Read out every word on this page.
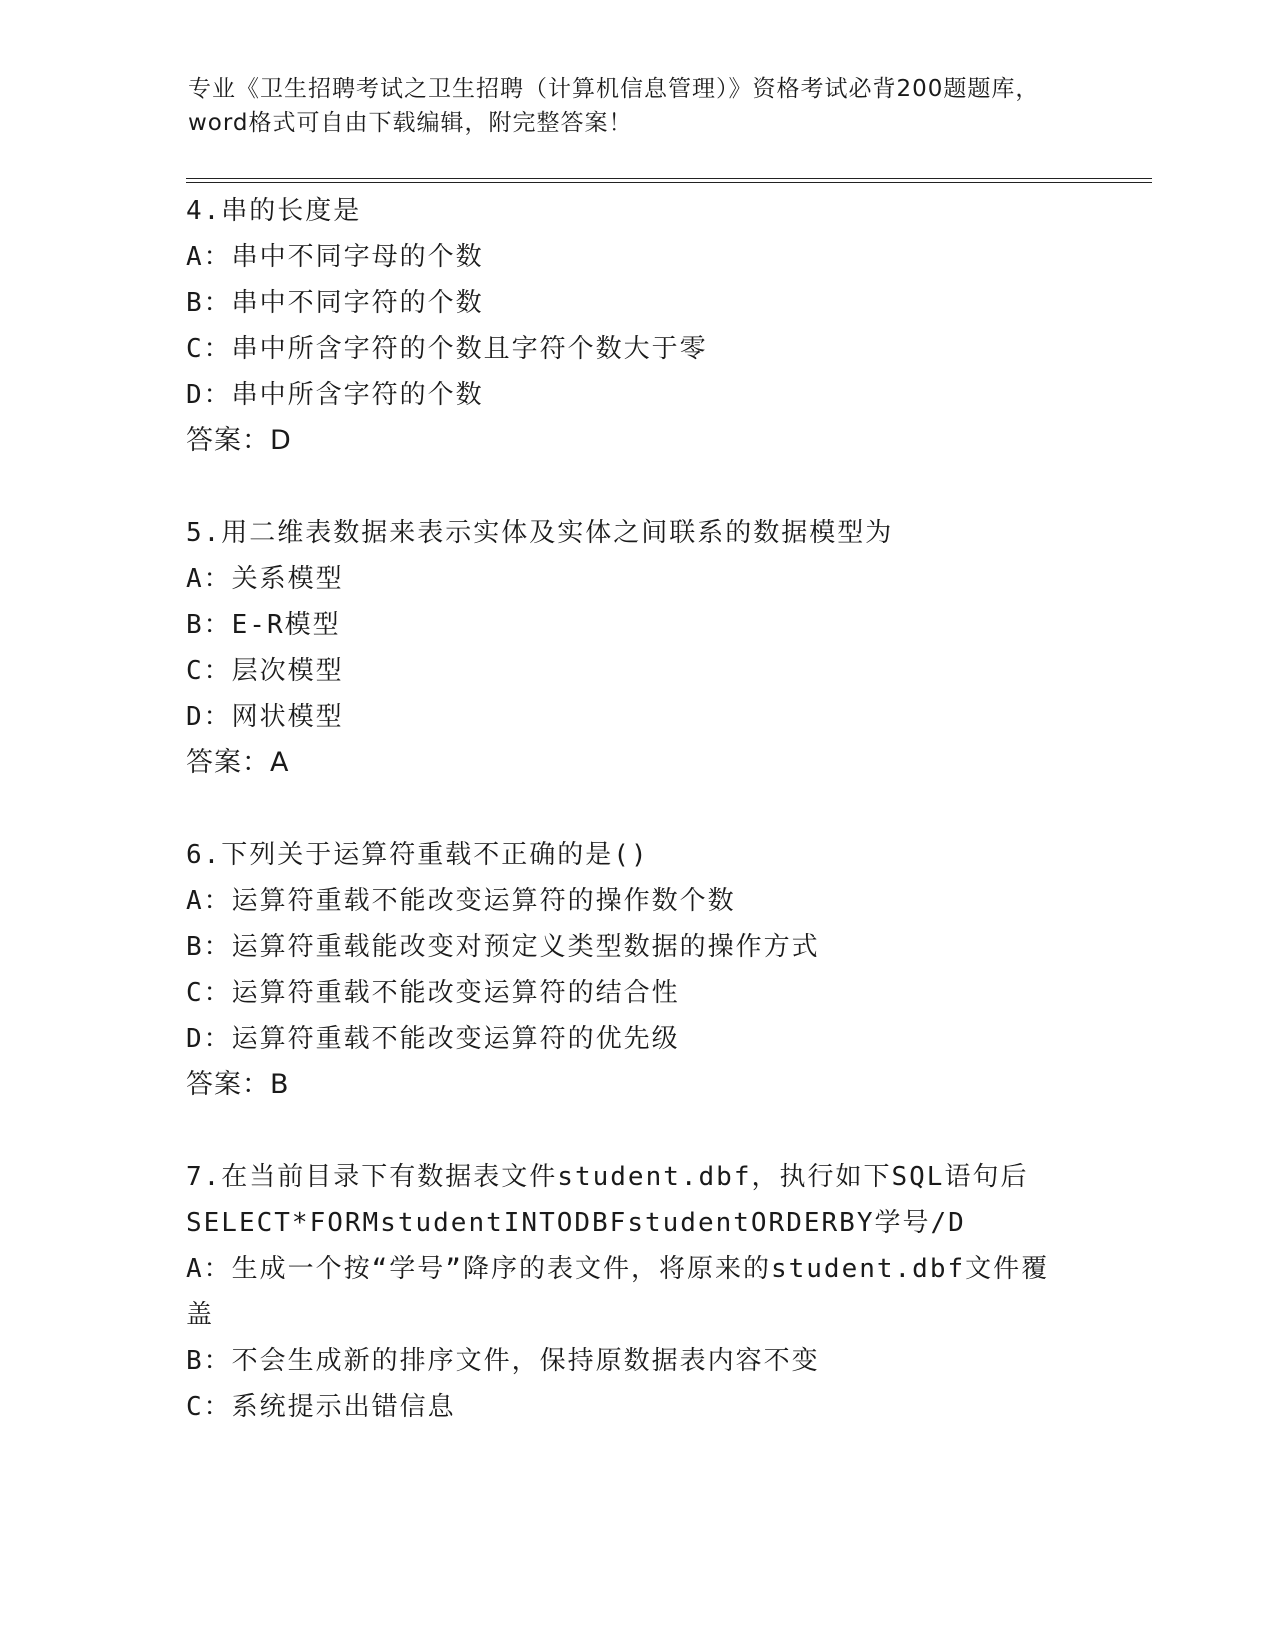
专业《卫生招聘考试之卫生招聘（计算机信息管理）》资格考试必背200题题库，
word格式可自由下载编辑，附完整答案！
4.串的长度是
A：串中不同字母的个数
B：串中不同字符的个数
C：串中所含字符的个数且字符个数大于零
D：串中所含字符的个数
答案：D
5.用二维表数据来表示实体及实体之间联系的数据模型为
A：关系模型
B：E-R模型
C：层次模型
D：网状模型
答案：A
6.下列关于运算符重载不正确的是()
A：运算符重载不能改变运算符的操作数个数
B：运算符重载能改变对预定义类型数据的操作方式
C：运算符重载不能改变运算符的结合性
D：运算符重载不能改变运算符的优先级
答案：B
7.在当前目录下有数据表文件student.dbf，执行如下SQL语句后
SELECT*FORMstudentINTODBFstudentORDERBY学号/D
A：生成一个按“学号”降序的表文件，将原来的student.dbf文件覆
盖
B：不会生成新的排序文件，保持原数据表内容不变
C：系统提示出错信息
